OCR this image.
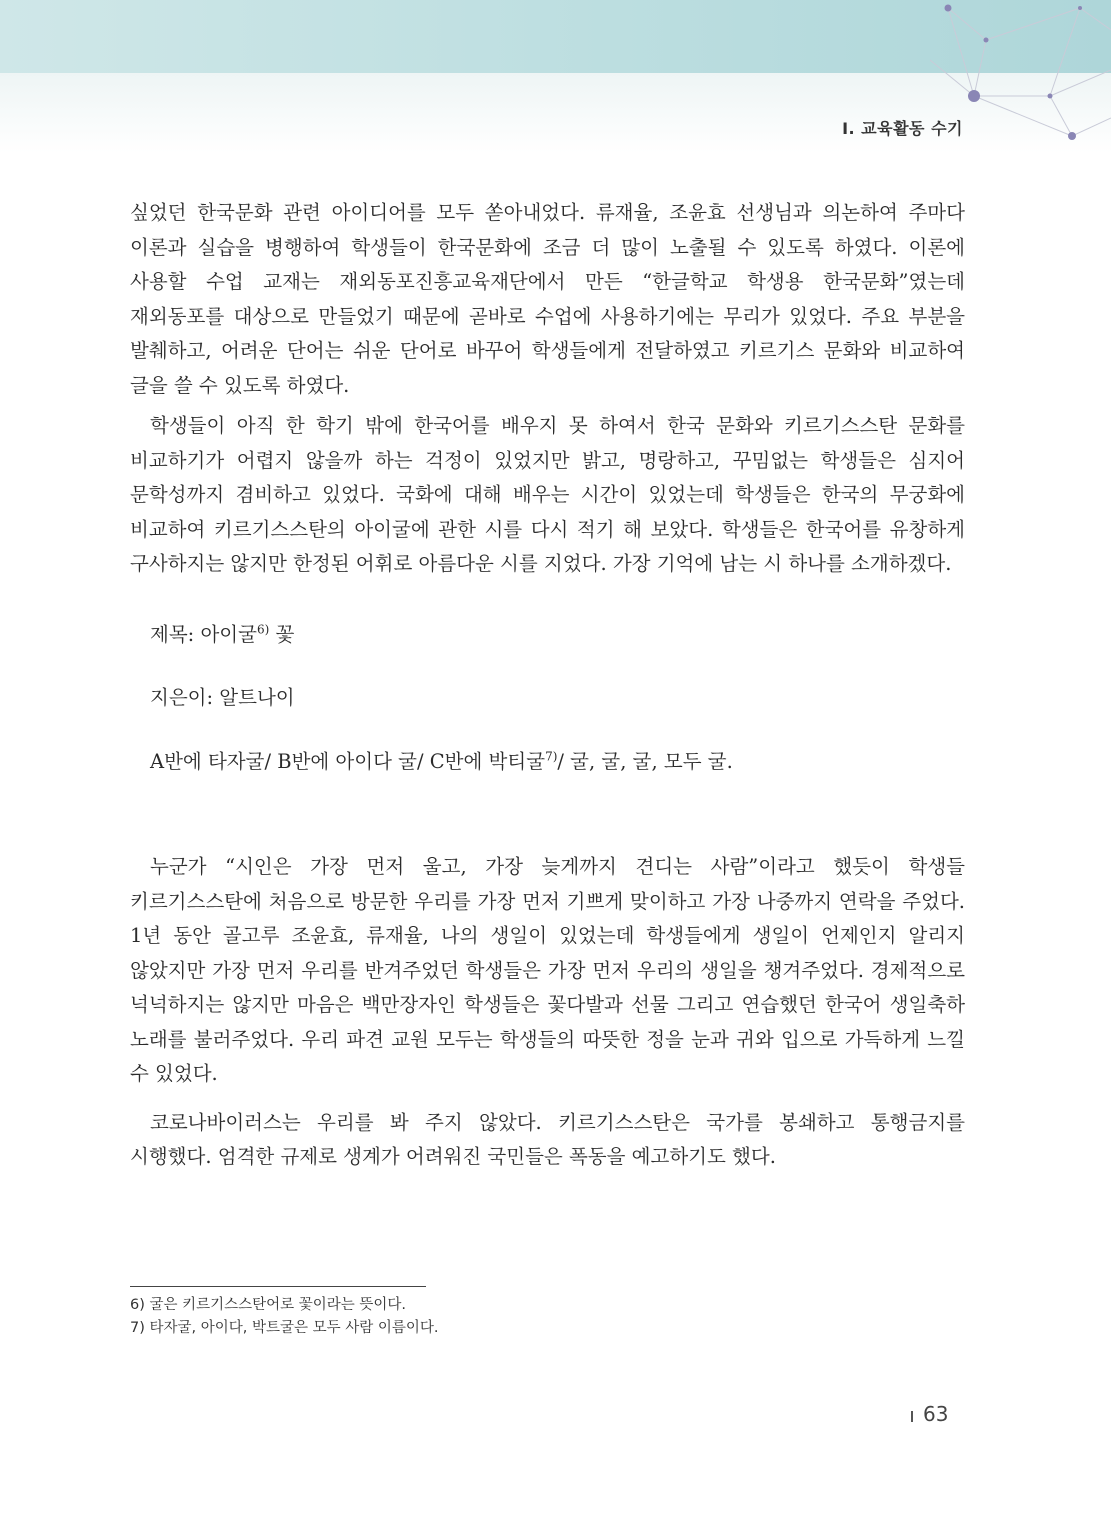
Ⅰ. 교육활동 수기

싶었던 한국문화 관련 아이디어를 모두 쏟아내었다. 류재율, 조윤효 선생님과 의논하여 주마다 이론과 실습을 병행하여 학생들이 한국문화에 조금 더 많이 노출될 수 있도록 하였다. 이론에 사용할 수업 교재는 재외동포진흥교육재단에서 만든 “한글학교 학생용 한국문화”였는데 재외동포를 대상으로 만들었기 때문에 곧바로 수업에 사용하기에는 무리가 있었다. 주요 부분을 발췌하고, 어려운 단어는 쉬운 단어로 바꾸어 학생들에게 전달하였고 키르기스 문화와 비교하여 글을 쓸 수 있도록 하였다.

학생들이 아직 한 학기 밖에 한국어를 배우지 못 하여서 한국 문화와 키르기스스탄 문화를 비교하기가 어렵지 않을까 하는 걱정이 있었지만 밝고, 명랑하고, 꾸밈없는 학생들은 심지어 문학성까지 겸비하고 있었다. 국화에 대해 배우는 시간이 있었는데 학생들은 한국의 무궁화에 비교하여 키르기스스탄의 아이굴에 관한 시를 다시 적기 해 보았다. 학생들은 한국어를 유창하게 구사하지는 않지만 한정된 어휘로 아름다운 시를 지었다. 가장 기억에 남는 시 하나를 소개하겠다.

제목: 아이굴$^{6)}$ 꽃
지은이: 알트나이
A반에 타자굴/ B반에 아이다 굴/ C반에 박티굴$^{7)}$/ 굴, 굴, 굴, 모두 굴.

누군가 “시인은 가장 먼저 울고, 가장 늦게까지 견디는 사람”이라고 했듯이 학생들 키르기스스탄에 처음으로 방문한 우리를 가장 먼저 기쁘게 맞이하고 가장 나중까지 연락을 주었다. 1년 동안 골고루 조윤효, 류재율, 나의 생일이 있었는데 학생들에게 생일이 언제인지 알리지 않았지만 가장 먼저 우리를 반겨주었던 학생들은 가장 먼저 우리의 생일을 챙겨주었다. 경제적으로 넉넉하지는 않지만 마음은 백만장자인 학생들은 꽃다발과 선물 그리고 연습했던 한국어 생일축하 노래를 불러주었다. 우리 파견 교원 모두는 학생들의 따뜻한 정을 눈과 귀와 입으로 가득하게 느낄 수 있었다.

코로나바이러스는 우리를 봐 주지 않았다. 키르기스스탄은 국가를 봉쇄하고 통행금지를 시행했다. 엄격한 규제로 생계가 어려워진 국민들은 폭동을 예고하기도 했다.

6) 굴은 키르기스스탄어로 꽃이라는 뜻이다.
7) 타자굴, 아이다, 박트굴은 모두 사람 이름이다.
63
